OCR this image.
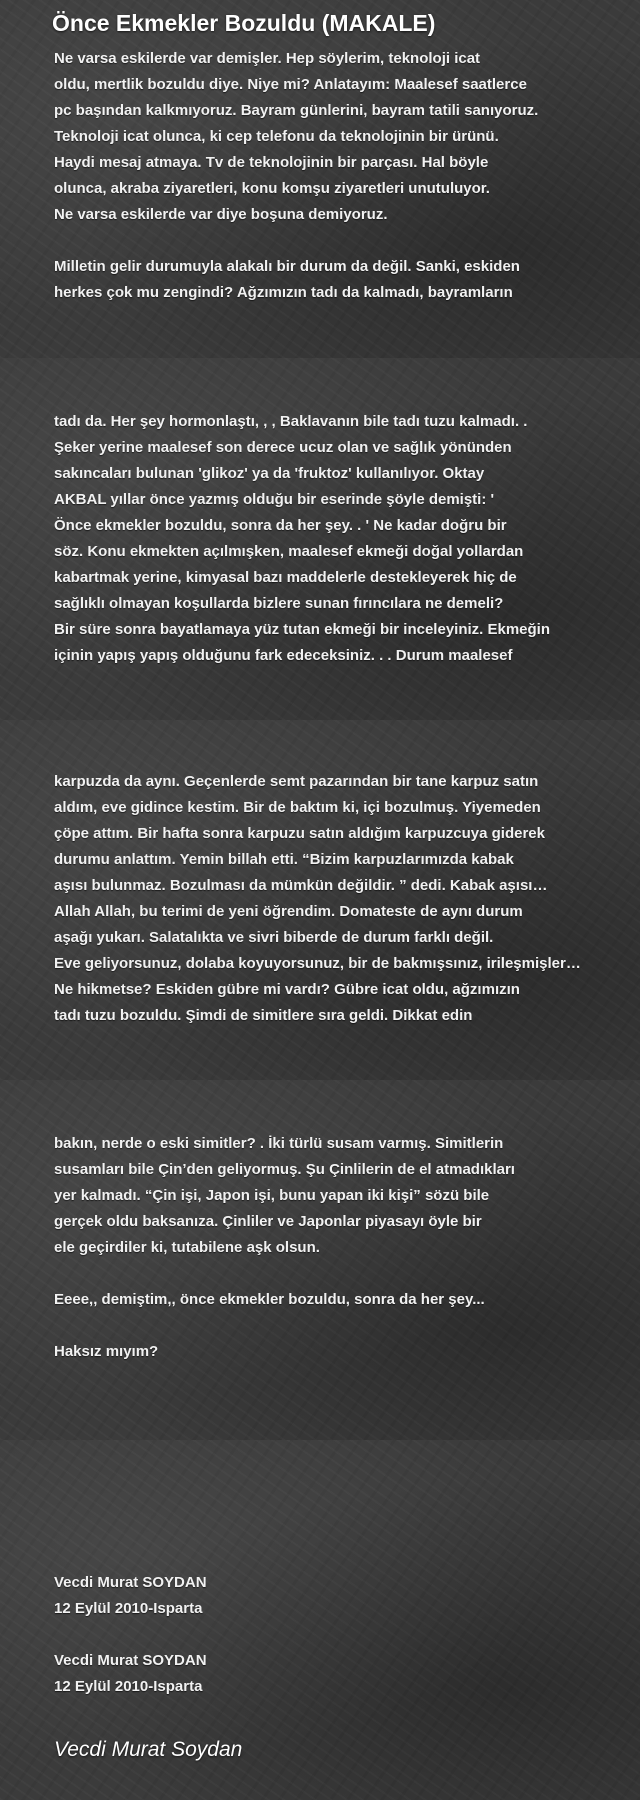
Önce Ekmekler Bozuldu (MAKALE)

Ne varsa eskilerde var demişler. Hep söylerim, teknoloji icat
oldu, mertlik bozuldu diye. Niye mi? Anlatayım: Maalesef saatlerce
pc başından kalkmıyoruz. Bayram günlerini, bayram tatili sanıyoruz.
Teknoloji icat olunca, ki cep telefonu da teknolojinin bir ürünü.
Haydi mesaj atmaya. Tv de teknolojinin bir parçası. Hal böyle
olunca, akraba ziyaretleri, konu komşu ziyaretleri unutuluyor.
Ne varsa eskilerde var diye boşuna demiyoruz.

Milletin gelir durumuyla alakalı bir durum da değil. Sanki, eskiden
herkes çok mu zengindi? Ağzımızın tadı da kalmadı, bayramların

tadı da. Her şey hormonlaştı, , , Baklavanın bile tadı tuzu kalmadı. .
Şeker yerine maalesef son derece ucuz olan ve sağlık yönünden
sakıncaları bulunan 'glikoz' ya da 'fruktoz' kullanılıyor. Oktay
AKBAL yıllar önce yazmış olduğu bir eserinde şöyle demişti: '
Önce ekmekler bozuldu, sonra da her şey. . ' Ne kadar doğru bir
söz. Konu ekmekten açılmışken, maalesef ekmeği doğal yollardan
kabartmak yerine, kimyasal bazı maddelerle destekleyerek hiç de
sağlıklı olmayan koşullarda bizlere sunan fırıncılara ne demeli?
Bir süre sonra bayatlamaya yüz tutan ekmeği bir inceleyiniz. Ekmeğin
içinin yapış yapış olduğunu fark edeceksiniz. . . Durum maalesef

karpuzda da aynı. Geçenlerde semt pazarından bir tane karpuz satın
aldım, eve gidince kestim. Bir de baktım ki, içi bozulmuş. Yiyemeden
çöpe attım. Bir hafta sonra karpuzu satın aldığım karpuzcuya giderek
durumu anlattım. Yemin billah etti. “Bizim karpuzlarımızda kabak
aşısı bulunmaz. Bozulması da mümkün değildir. ” dedi. Kabak aşısı…
Allah Allah, bu terimi de yeni öğrendim. Domateste de aynı durum
aşağı yukarı. Salatalıkta ve sivri biberde de durum farklı değil.
Eve geliyorsunuz, dolaba koyuyorsunuz, bir de bakmışsınız, irileşmişler…
Ne hikmetse? Eskiden gübre mi vardı? Gübre icat oldu, ağzımızın
tadı tuzu bozuldu. Şimdi de simitlere sıra geldi. Dikkat edin

bakın, nerde o eski simitler? . İki türlü susam varmış. Simitlerin
susamları bile Çin’den geliyormuş. Şu Çinlilerin de el atmadıkları
yer kalmadı. “Çin işi, Japon işi, bunu yapan iki kişi” sözü bile
gerçek oldu baksanıza. Çinliler ve Japonlar piyasayı öyle bir
ele geçirdiler ki, tutabilene aşk olsun.

Eeee,, demiştim,, önce ekmekler bozuldu, sonra da her şey...

Haksız mıyım?

Vecdi Murat SOYDAN
12 Eylül 2010-Isparta

Vecdi Murat SOYDAN
12 Eylül 2010-Isparta

Vecdi Murat Soydan
